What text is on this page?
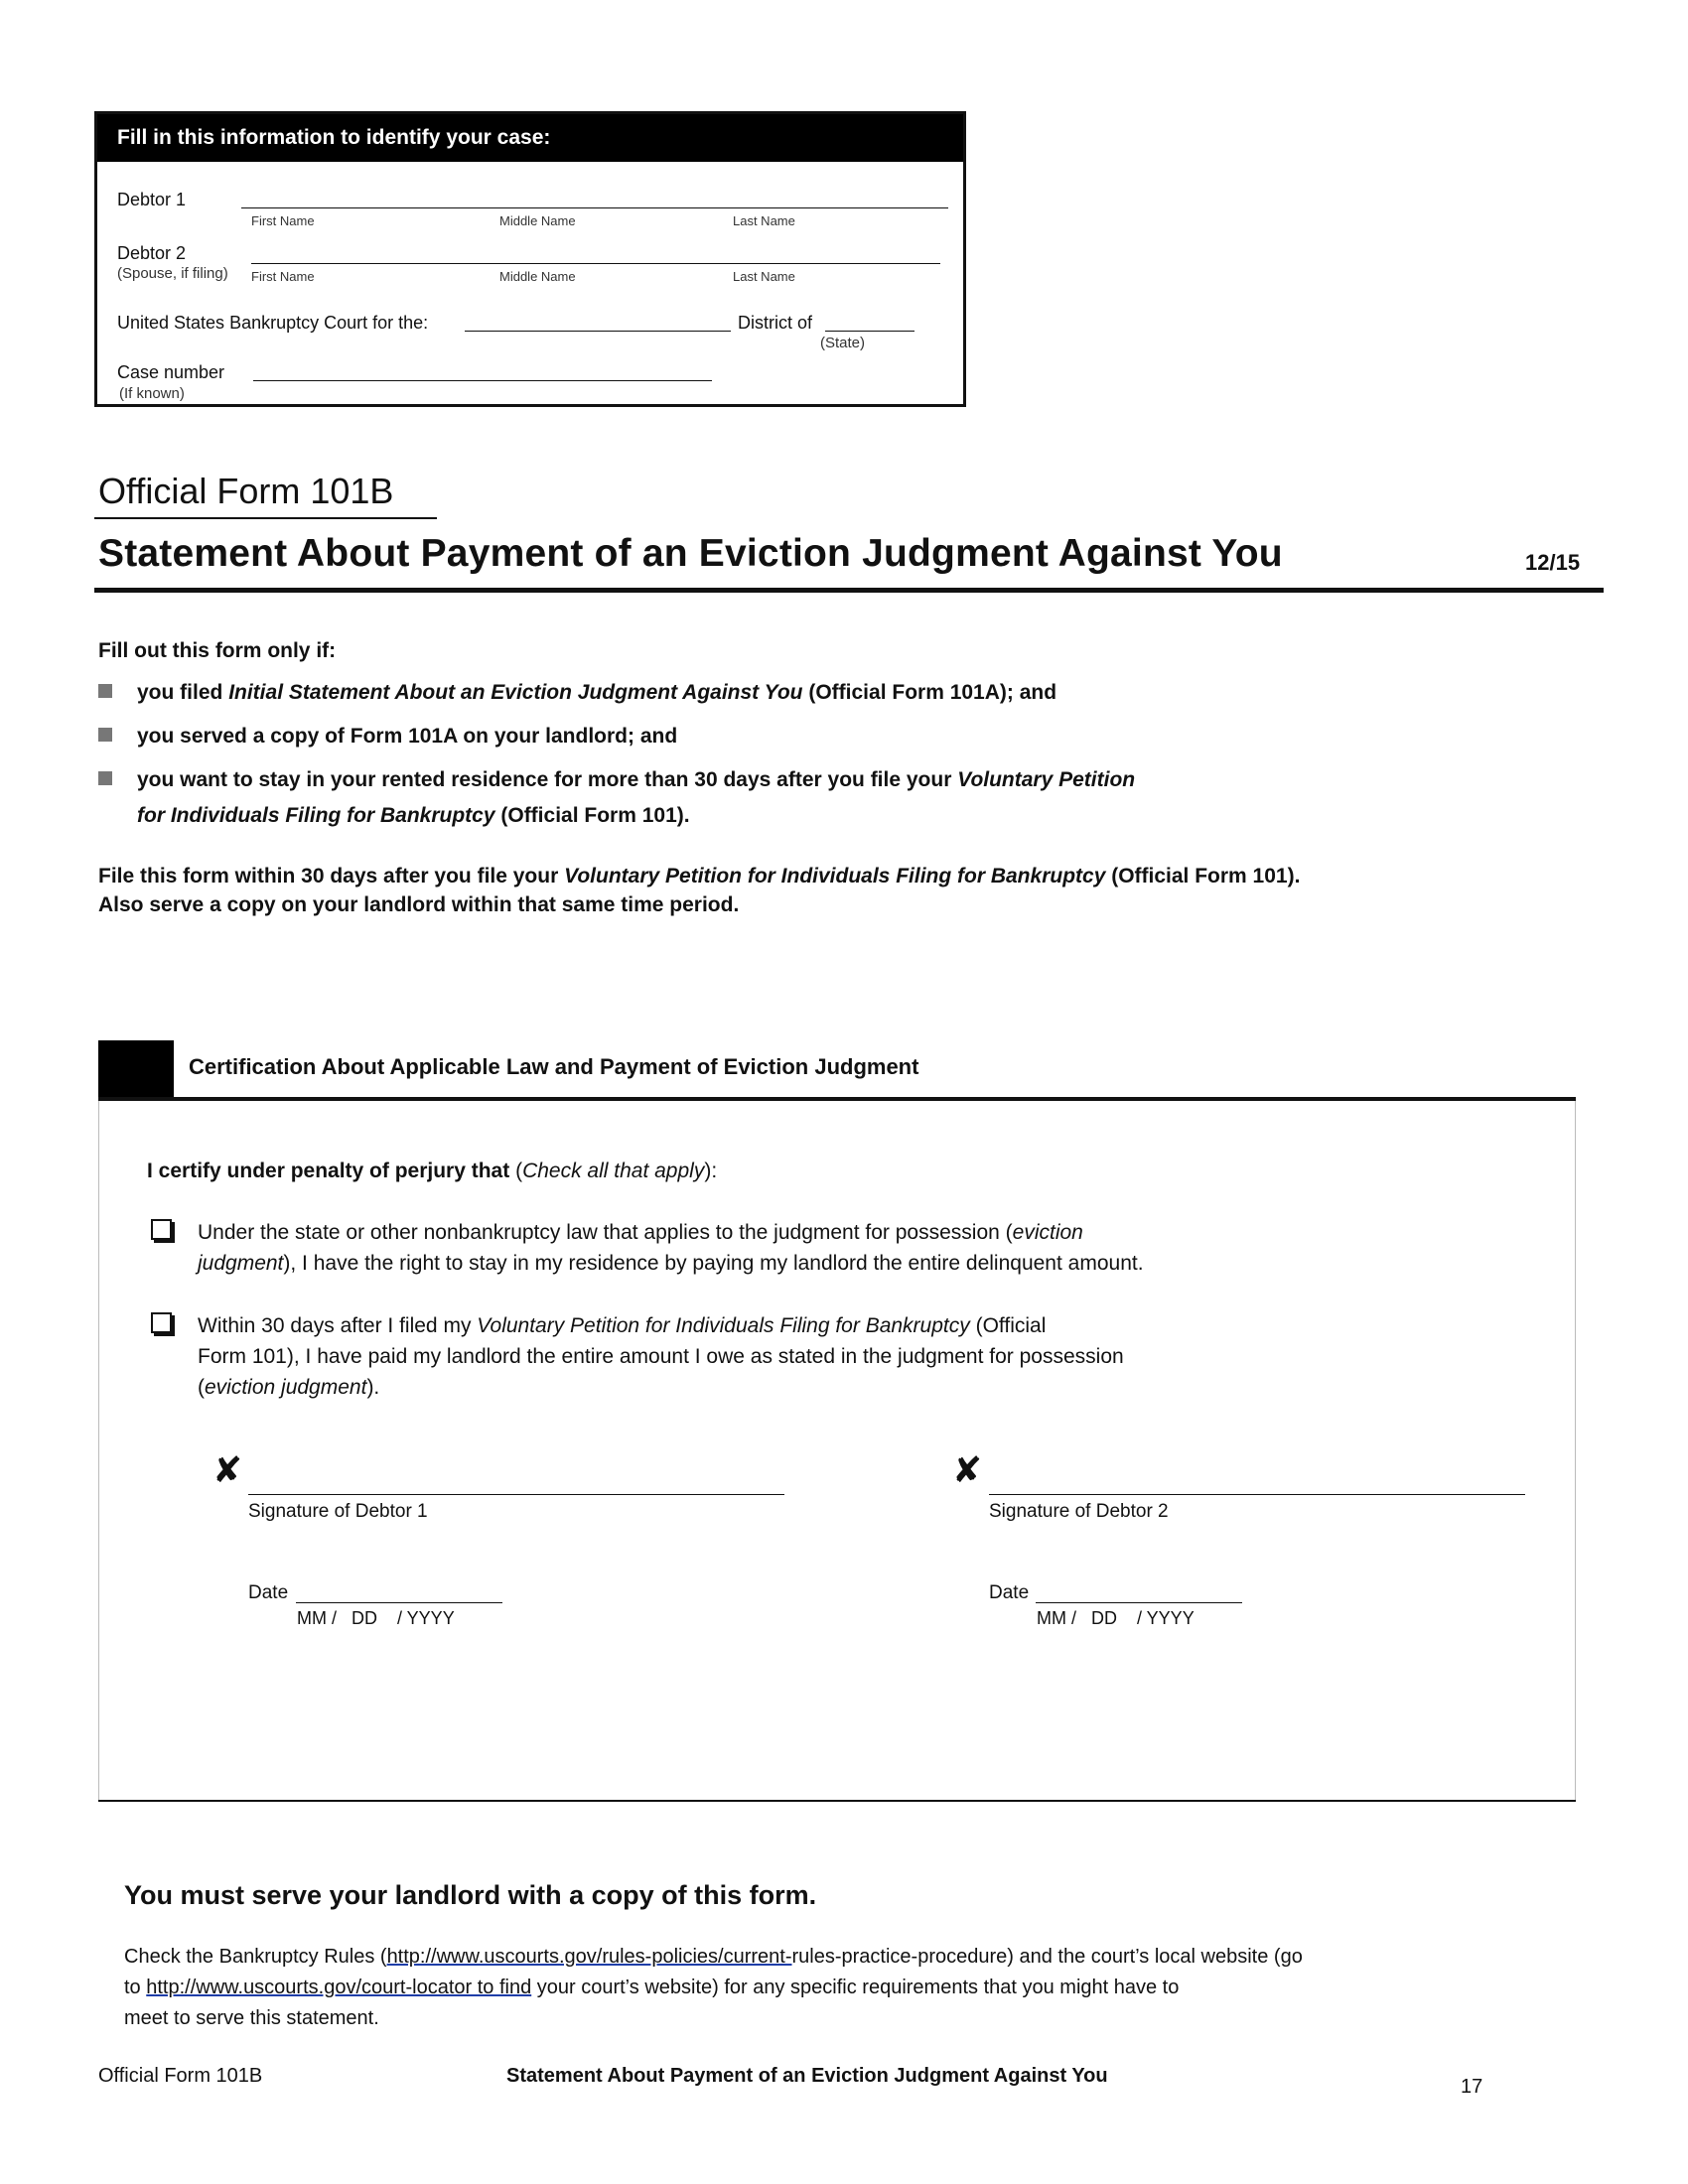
Fill in this information to identify your case:
Debtor 1
First Name	Middle Name	Last Name
Debtor 2
(Spouse, if filing) First Name	Middle Name	Last Name
United States Bankruptcy Court for the:	District of
(State)
Case number
(If known)
Official Form 101B
Statement About Payment of an Eviction Judgment Against You	12/15
Fill out this form only if:
you filed Initial Statement About an Eviction Judgment Against You (Official Form 101A); and
you served a copy of Form 101A on your landlord; and
you want to stay in your rented residence for more than 30 days after you file your Voluntary Petition
for Individuals Filing for Bankruptcy (Official Form 101).
File this form within 30 days after you file your Voluntary Petition for Individuals Filing for Bankruptcy (Official Form 101).
Also serve a copy on your landlord within that same time period.
Certification About Applicable Law and Payment of Eviction Judgment
I certify under penalty of perjury that (Check all that apply):
Under the state or other nonbankruptcy law that applies to the judgment for possession (eviction
judgment), I have the right to stay in my residence by paying my landlord the entire delinquent amount.
Within 30 days after I filed my Voluntary Petition for Individuals Filing for Bankruptcy (Official
Form 101), I have paid my landlord the entire amount I owe as stated in the judgment for possession
(eviction judgment).
✘
Signature of Debtor 1
Date
MM /   DD    / YYYY
✘
Signature of Debtor 2
Date
MM /   DD    / YYYY
You must serve your landlord with a copy of this form.
Check the Bankruptcy Rules (http://www.uscourts.gov/rules-policies/current-rules-practice-procedure) and the court’s local website (go
to http://www.uscourts.gov/court-locator to find your court’s website) for any specific requirements that you might have to
meet to serve this statement.
Official Form 101B	Statement About Payment of an Eviction Judgment Against You	17
